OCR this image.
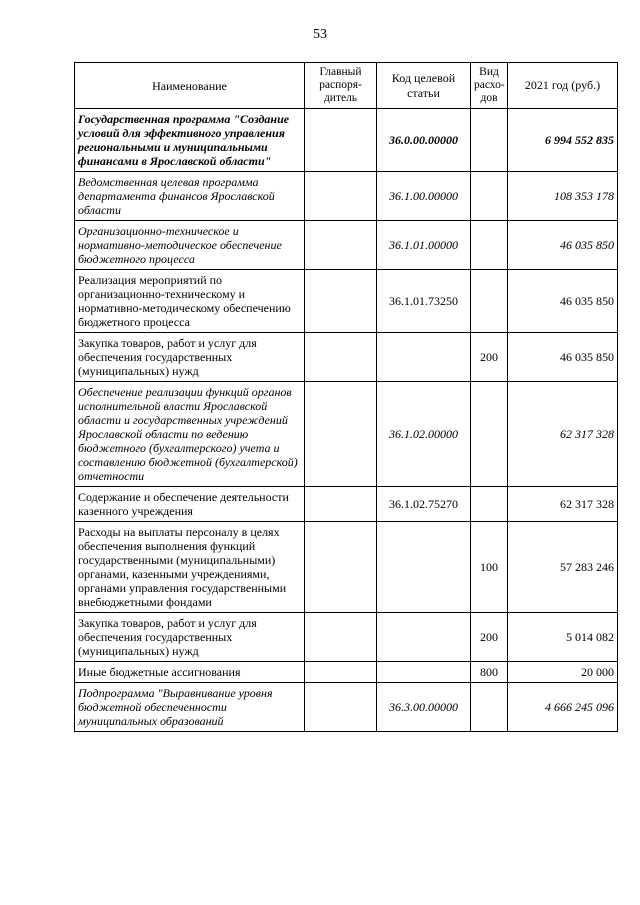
53
Наименование	Главный распоря-дитель	Код целевой статьи	Вид расхо-дов	2021 год (руб.)
Государственная программа "Создание условий для эффективного управления региональными и муниципальными финансами в Ярославской области"		36.0.00.00000		6 994 552 835
Ведомственная целевая программа департамента финансов Ярославской области		36.1.00.00000		108 353 178
Организационно-техническое и нормативно-методическое обеспечение бюджетного процесса		36.1.01.00000		46 035 850
Реализация мероприятий по организационно-техническому и нормативно-методическому обеспечению бюджетного процесса		36.1.01.73250		46 035 850
Закупка товаров, работ и услуг для обеспечения государственных (муниципальных) нужд			200	46 035 850
Обеспечение реализации функций органов исполнительной власти Ярославской области и государственных учреждений Ярославской области по ведению бюджетного (бухгалтерского) учета и составлению бюджетной (бухгалтерской) отчетности		36.1.02.00000		62 317 328
Содержание и обеспечение деятельности казенного учреждения		36.1.02.75270		62 317 328
Расходы на выплаты персоналу в целях обеспечения выполнения функций государственными (муниципальными) органами, казенными учреждениями, органами управления государственными внебюджетными фондами			100	57 283 246
Закупка товаров, работ и услуг для обеспечения государственных (муниципальных) нужд			200	5 014 082
Иные бюджетные ассигнования			800	20 000
Подпрограмма "Выравнивание уровня бюджетной обеспеченности муниципальных образований		36.3.00.00000		4 666 245 096
